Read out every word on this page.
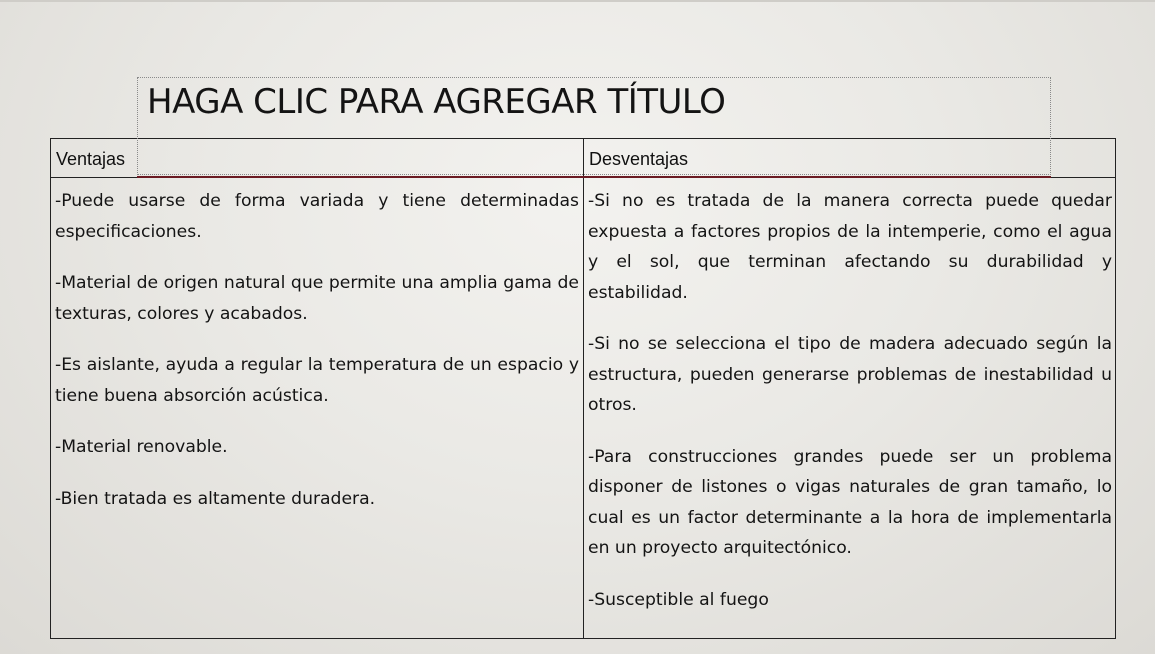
Ventajas	Desventajas
-Puede usarse de forma variada y tiene determinadas especificaciones.
-Material de origen natural que permite una amplia gama de texturas, colores y acabados.
-Es aislante, ayuda a regular la temperatura de un espacio y tiene buena absorción acústica.
-Material renovable.
-Bien tratada es altamente duradera.
-Si no es tratada de la manera correcta puede quedar expuesta a factores propios de la intemperie, como el agua y el sol, que terminan afectando su durabilidad y estabilidad.
-Si no se selecciona el tipo de madera adecuado según la estructura, pueden generarse problemas de inestabilidad u otros.
-Para construcciones grandes puede ser un problema disponer de listones o vigas naturales de gran tamaño, lo cual es un factor determinante a la hora de implementarla en un proyecto arquitectónico.
-Susceptible al fuego
HAGA CLIC PARA AGREGAR TÍTULO
